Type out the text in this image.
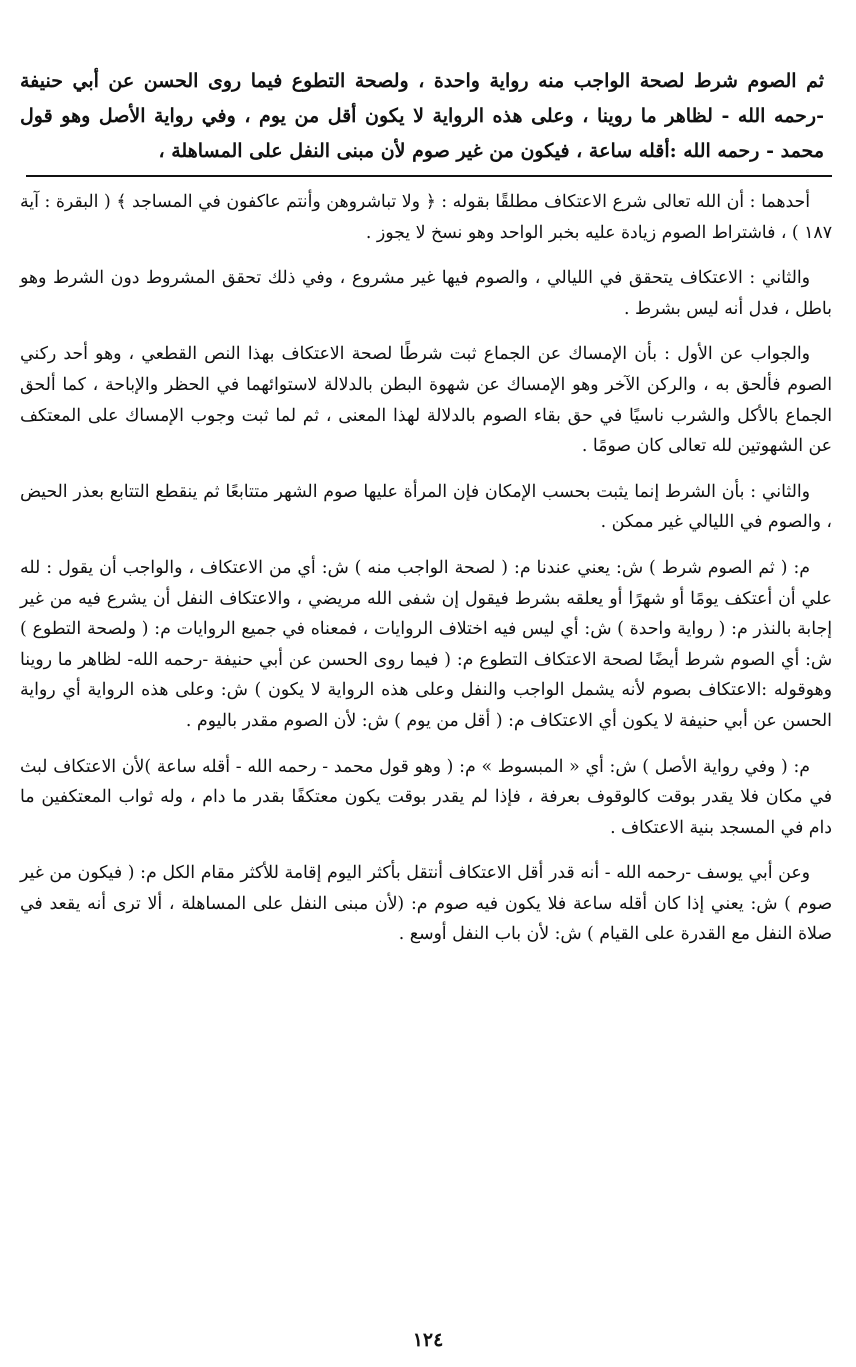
ثم الصوم شرط لصحة الواجب منه رواية واحدة ، ولصحة التطوع فيما روى الحسن عن أبي حنيفة -رحمه الله - لظاهر ما روينا ، وعلى هذه الرواية لا يكون أقل من يوم ، وفي رواية الأصل وهو قول محمد - رحمه الله :أقله ساعة ، فيكون من غير صوم لأن مبنى النفل على المساهلة ،

أحدهما : أن الله تعالى شرع الاعتكاف مطلقًا بقوله : ﴿ ولا تباشروهن وأنتم عاكفون في المساجد ﴾ ( البقرة : آية ١٨٧ ) ، فاشتراط الصوم زيادة عليه بخبر الواحد وهو نسخ لا يجوز .

والثاني : الاعتكاف يتحقق في الليالي ، والصوم فيها غير مشروع ، وفي ذلك تحقق المشروط دون الشرط وهو باطل ، فدل أنه ليس بشرط .

والجواب عن الأول : بأن الإمساك عن الجماع ثبت شرطًا لصحة الاعتكاف بهذا النص القطعي ، وهو أحد ركني الصوم فألحق به ، والركن الآخر وهو الإمساك عن شهوة البطن بالدلالة لاستوائهما في الحظر والإباحة ، كما ألحق الجماع بالأكل والشرب ناسيًا في حق بقاء الصوم بالدلالة لهذا المعنى ، ثم لما ثبت وجوب الإمساك على المعتكف عن الشهوتين لله تعالى كان صومًا .

والثاني : بأن الشرط إنما يثبت بحسب الإمكان فإن المرأة عليها صوم الشهر متتابعًا ثم ينقطع التتابع بعذر الحيض ، والصوم في الليالي غير ممكن .

م: ( ثم الصوم شرط ) ش: يعني عندنا م: ( لصحة الواجب منه ) ش: أي من الاعتكاف ، والواجب أن يقول : لله علي أن أعتكف يومًا أو شهرًا أو يعلقه بشرط فيقول إن شفى الله مريضي ، والاعتكاف النفل أن يشرع فيه من غير إجابة بالنذر م: ( رواية واحدة ) ش: أي ليس فيه اختلاف الروايات ، فمعناه في جميع الروايات م: ( ولصحة التطوع ) ش: أي الصوم شرط أيضًا لصحة الاعتكاف التطوع م: ( فيما روى الحسن عن أبي حنيفة -رحمه الله- لظاهر ما روينا وهوقوله :الاعتكاف بصوم لأنه يشمل الواجب والنفل وعلى هذه الرواية لا يكون ) ش: وعلى هذه الرواية أي رواية الحسن عن أبي حنيفة لا يكون أي الاعتكاف م: ( أقل من يوم ) ش: لأن الصوم مقدر باليوم .

م: ( وفي رواية الأصل ) ش: أي « المبسوط » م: ( وهو قول محمد - رحمه الله - أقله ساعة )لأن الاعتكاف لبث في مكان فلا يقدر بوقت كالوقوف بعرفة ، فإذا لم يقدر بوقت يكون معتكفًا بقدر ما دام ، وله ثواب المعتكفين ما دام في المسجد بنية الاعتكاف .

وعن أبي يوسف -رحمه الله - أنه قدر أقل الاعتكاف أنتقل بأكثر اليوم إقامة للأكثر مقام الكل م: ( فيكون من غير صوم ) ش: يعني إذا كان أقله ساعة فلا يكون فيه صوم م: (لأن مبنى النفل على المساهلة ، ألا ترى أنه يقعد في صلاة النفل مع القدرة على القيام ) ش: لأن باب النفل أوسع .

١٢٤
